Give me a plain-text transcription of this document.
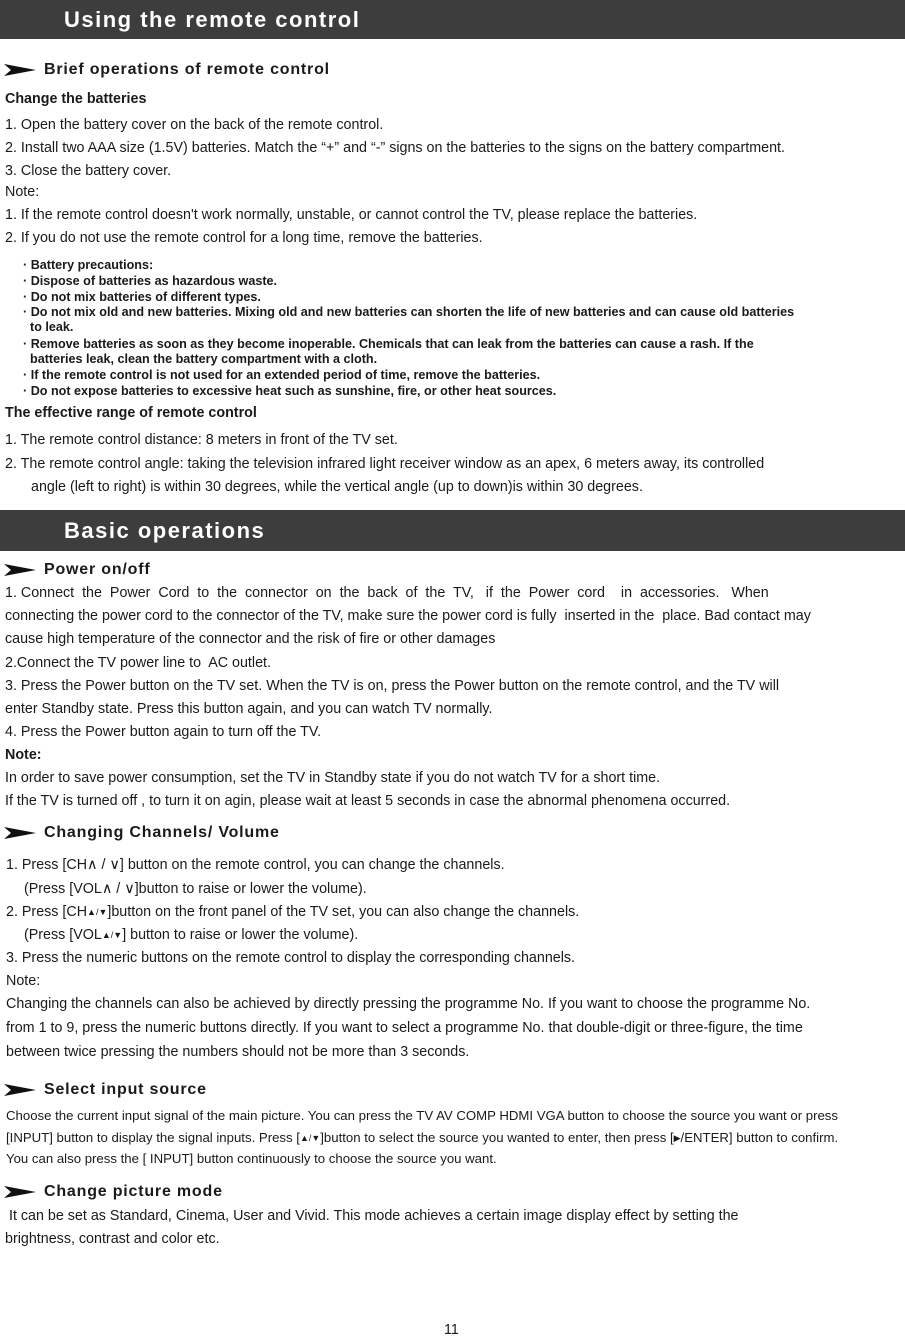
Using the remote control
Brief operations of remote control
Change the batteries
1. Open the battery cover on the back of the remote control.
2. Install two AAA size (1.5V) batteries. Match the “+” and “-” signs on the batteries to the signs on the battery compartment.
3. Close the battery cover.
Note:
1. If the remote control doesn't work normally, unstable, or cannot control the TV, please replace the batteries.
2. If you do not use the remote control for a long time, remove the batteries.
· Battery precautions:
· Dispose of batteries as hazardous waste.
· Do not mix batteries of different types.
· Do not mix old and new batteries. Mixing old and new batteries can shorten the life of new batteries and can cause old batteries
to leak.
· Remove batteries as soon as they become inoperable. Chemicals that can leak from the batteries can cause a rash. If the
batteries leak, clean the battery compartment with a cloth.
· If the remote control is not used for an extended period of time, remove the batteries.
· Do not expose batteries to excessive heat such as sunshine, fire, or other heat sources.
The effective range of remote control
1. The remote control distance: 8 meters in front of the TV set.
2. The remote control angle: taking the television infrared light receiver window as an apex, 6 meters away, its controlled
angle (left to right) is within 30 degrees, while the vertical angle (up to down)is within 30 degrees.
Basic operations
Power on/off
1. Connect  the  Power  Cord  to  the  connector  on  the  back  of  the  TV,   if  the  Power  cord    in  accessories.   When
connecting the power cord to the connector of the TV, make sure the power cord is fully  inserted in the  place. Bad contact may
cause high temperature of the connector and the risk of fire or other damages
2.Connect the TV power line to  AC outlet.
3. Press the Power button on the TV set. When the TV is on, press the Power button on the remote control, and the TV will
enter Standby state. Press this button again, and you can watch TV normally.
4. Press the Power button again to turn off the TV.
Note:
In order to save power consumption, set the TV in Standby state if you do not watch TV for a short time.
If the TV is turned off , to turn it on agin, please wait at least 5 seconds in case the abnormal phenomena occurred.
Changing Channels/ Volume
1. Press [CH∧ / ∨] button on the remote control, you can change the channels.
(Press [VOL∧ / ∨]button to raise or lower the volume).
2. Press [CH▲/▼]button on the front panel of the TV set, you can also change the channels.
(Press [VOL▲/▼] button to raise or lower the volume).
3. Press the numeric buttons on the remote control to display the corresponding channels.
Note:
Changing the channels can also be achieved by directly pressing the programme No. If you want to choose the programme No.
from 1 to 9, press the numeric buttons directly. If you want to select a programme No. that double-digit or three-figure, the time
between twice pressing the numbers should not be more than 3 seconds.
Select input source
Choose the current input signal of the main picture. You can press the TV AV COMP HDMI VGA button to choose the source you want or press
[INPUT] button to display the signal inputs. Press [▲/▼]button to select the source you wanted to enter, then press [▶/ENTER] button to confirm.
You can also press the [ INPUT] button continuously to choose the source you want.
Change picture mode
It can be set as Standard, Cinema, User and Vivid. This mode achieves a certain image display effect by setting the
brightness, contrast and color etc.
11
